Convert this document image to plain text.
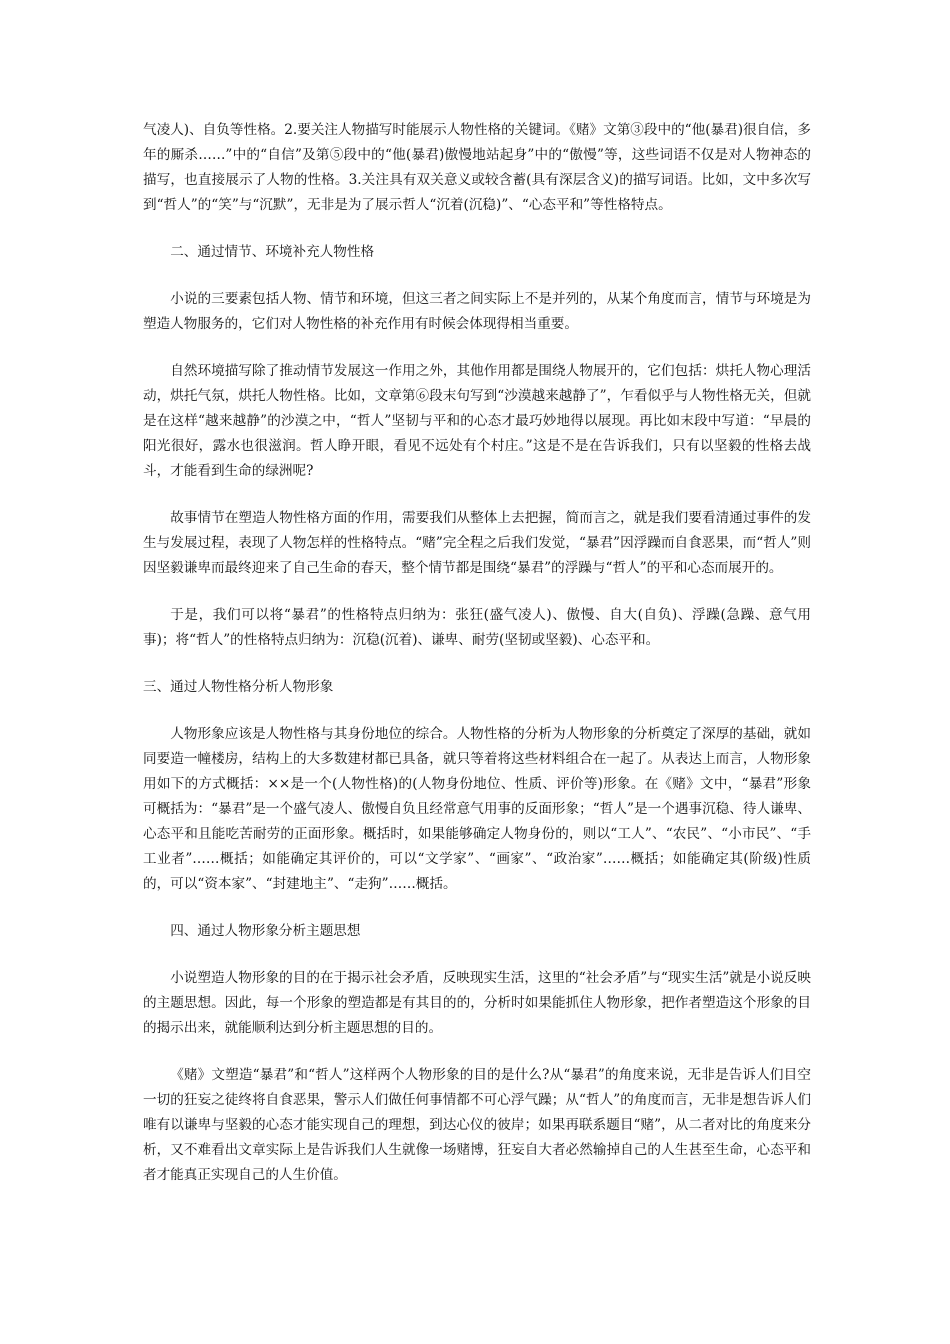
气凌人)、自负等性格。2.要关注人物描写时能展示人物性格的关键词。《赌》文第③段中的“他(暴君)很自信，多年的厮杀……”中的“自信”及第⑤段中的“他(暴君)傲慢地站起身”中的“傲慢”等，这些词语不仅是对人物神态的描写，也直接展示了人物的性格。3.关注具有双关意义或较含蓄(具有深层含义)的描写词语。比如，文中多次写到“哲人”的“笑”与“沉默”，无非是为了展示哲人“沉着(沉稳)”、“心态平和”等性格特点。

二、通过情节、环境补充人物性格

小说的三要素包括人物、情节和环境，但这三者之间实际上不是并列的，从某个角度而言，情节与环境是为塑造人物服务的，它们对人物性格的补充作用有时候会体现得相当重要。

自然环境描写除了推动情节发展这一作用之外，其他作用都是围绕人物展开的，它们包括：烘托人物心理活动，烘托气氛，烘托人物性格。比如，文章第⑥段末句写到“沙漠越来越静了”，乍看似乎与人物性格无关，但就是在这样“越来越静”的沙漠之中，“哲人”坚韧与平和的心态才最巧妙地得以展现。再比如末段中写道：“早晨的阳光很好，露水也很滋润。哲人睁开眼，看见不远处有个村庄。”这是不是在告诉我们，只有以坚毅的性格去战斗，才能看到生命的绿洲呢?

故事情节在塑造人物性格方面的作用，需要我们从整体上去把握，简而言之，就是我们要看清通过事件的发生与发展过程，表现了人物怎样的性格特点。“赌”完全程之后我们发觉，“暴君”因浮躁而自食恶果，而“哲人”则因坚毅谦卑而最终迎来了自己生命的春天，整个情节都是围绕“暴君”的浮躁与“哲人”的平和心态而展开的。

于是，我们可以将“暴君”的性格特点归纳为：张狂(盛气凌人)、傲慢、自大(自负)、浮躁(急躁、意气用事)；将“哲人”的性格特点归纳为：沉稳(沉着)、谦卑、耐劳(坚韧或坚毅)、心态平和。

三、通过人物性格分析人物形象

人物形象应该是人物性格与其身份地位的综合。人物性格的分析为人物形象的分析奠定了深厚的基础，就如同要造一幢楼房，结构上的大多数建材都已具备，就只等着将这些材料组合在一起了。从表达上而言，人物形象用如下的方式概括：××是一个(人物性格)的(人物身份地位、性质、评价等)形象。在《赌》文中，“暴君”形象可概括为：“暴君”是一个盛气凌人、傲慢自负且经常意气用事的反面形象；“哲人”是一个遇事沉稳、待人谦卑、心态平和且能吃苦耐劳的正面形象。概括时，如果能够确定人物身份的，则以“工人”、“农民”、“小市民”、“手工业者”……概括；如能确定其评价的，可以“文学家”、“画家”、“政治家”……概括；如能确定其(阶级)性质的，可以“资本家”、“封建地主”、“走狗”……概括。

四、通过人物形象分析主题思想

小说塑造人物形象的目的在于揭示社会矛盾，反映现实生活，这里的“社会矛盾”与“现实生活”就是小说反映的主题思想。因此，每一个形象的塑造都是有其目的的，分析时如果能抓住人物形象，把作者塑造这个形象的目的揭示出来，就能顺利达到分析主题思想的目的。

《赌》文塑造“暴君”和“哲人”这样两个人物形象的目的是什么?从“暴君”的角度来说，无非是告诉人们目空一切的狂妄之徒终将自食恶果，警示人们做任何事情都不可心浮气躁；从“哲人”的角度而言，无非是想告诉人们唯有以谦卑与坚毅的心态才能实现自己的理想，到达心仪的彼岸；如果再联系题目“赌”，从二者对比的角度来分析，又不难看出文章实际上是告诉我们人生就像一场赌博，狂妄自大者必然输掉自己的人生甚至生命，心态平和者才能真正实现自己的人生价值。
